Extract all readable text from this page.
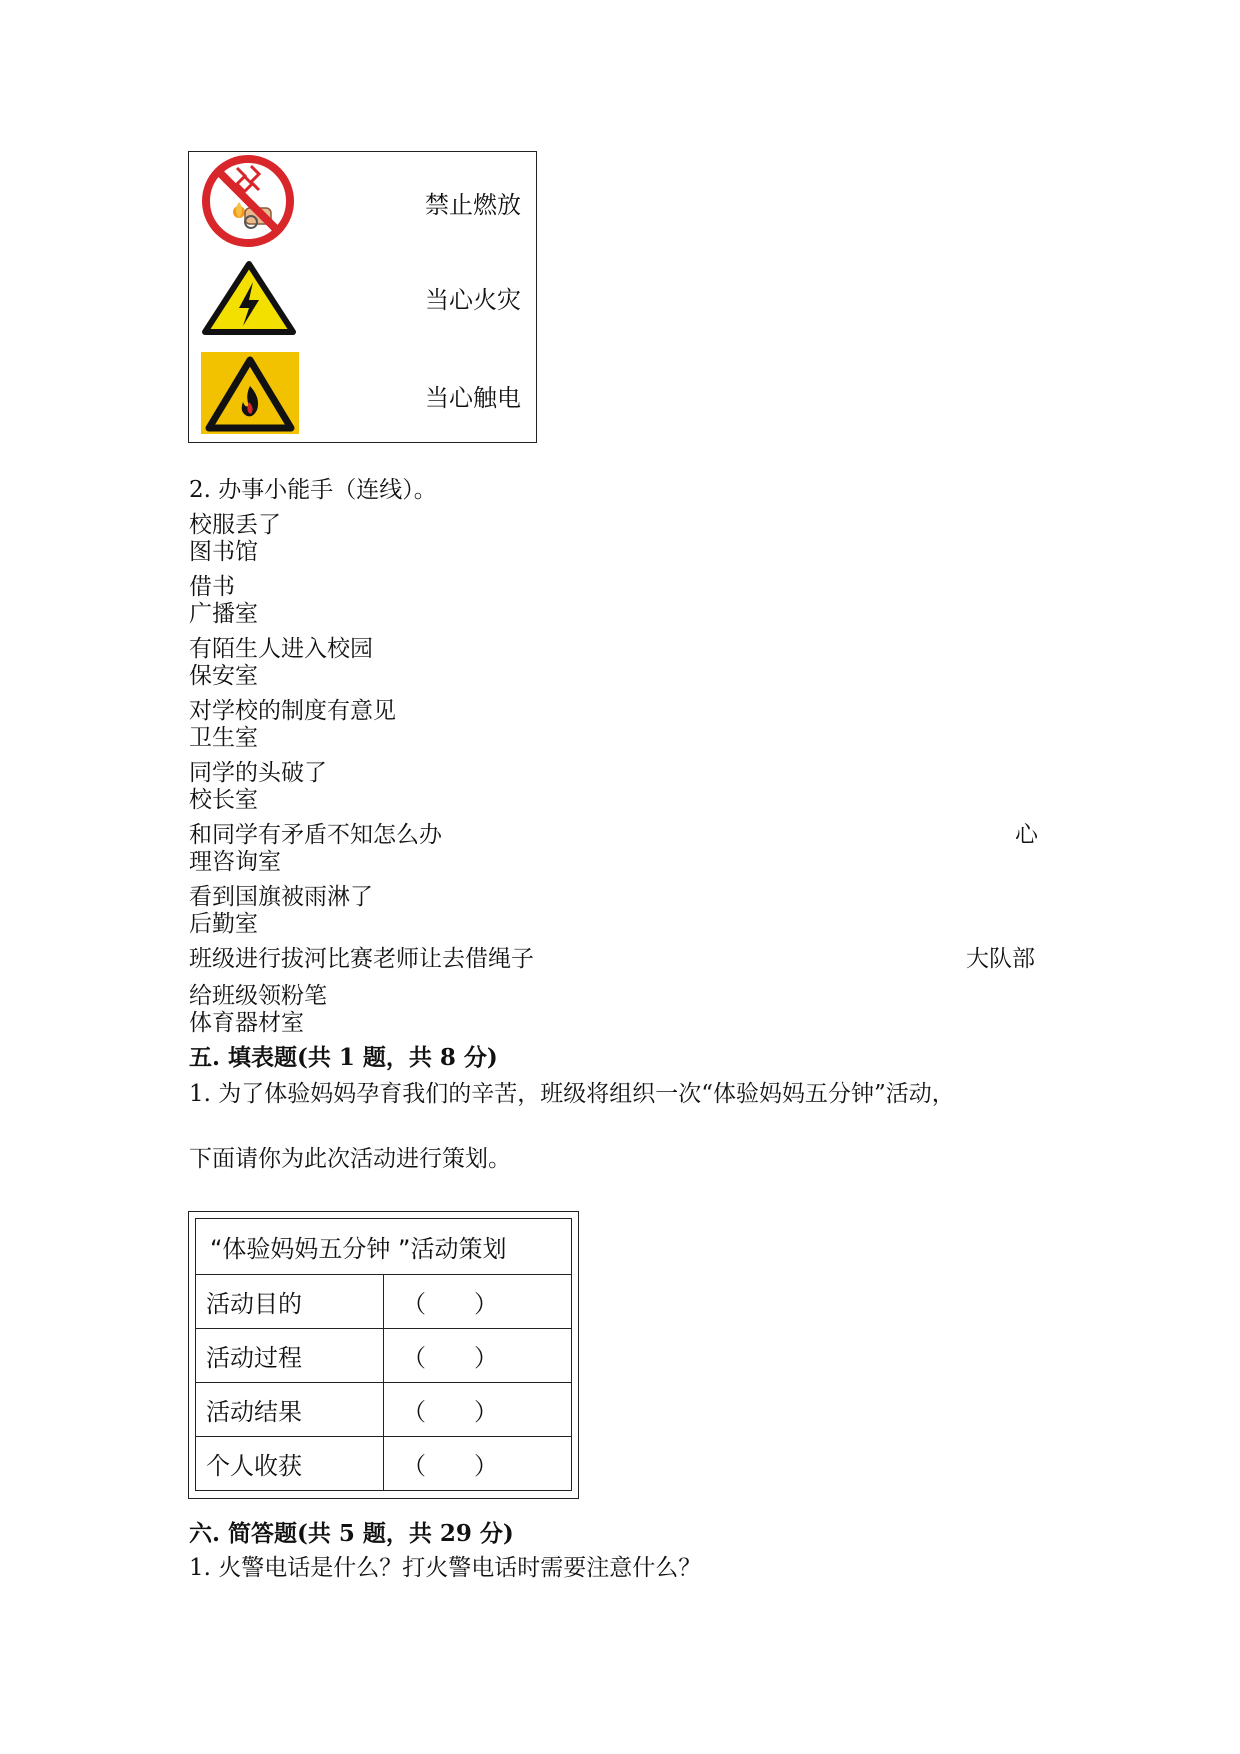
禁止燃放
当心火灾
当心触电
2. 办事小能手（连线）。
校服丢了
图书馆
借书
广播室
有陌生人进入校园
保安室
对学校的制度有意见
卫生室
同学的头破了
校长室
和同学有矛盾不知怎么办	心
理咨询室
看到国旗被雨淋了
后勤室
班级进行拔河比赛老师让去借绳子	大队部
给班级领粉笔
体育器材室
五. 填表题(共 1 题，共 8 分)
1. 为了体验妈妈孕育我们的辛苦，班级将组织一次“体验妈妈五分钟”活动，
下面请你为此次活动进行策划。
“体验妈妈五分钟 ”活动策划	
活动目的	（　　）
活动过程	（　　）
活动结果	（　　）
个人收获	（　　）
六. 简答题(共 5 题，共 29 分)
1. 火警电话是什么？打火警电话时需要注意什么？
